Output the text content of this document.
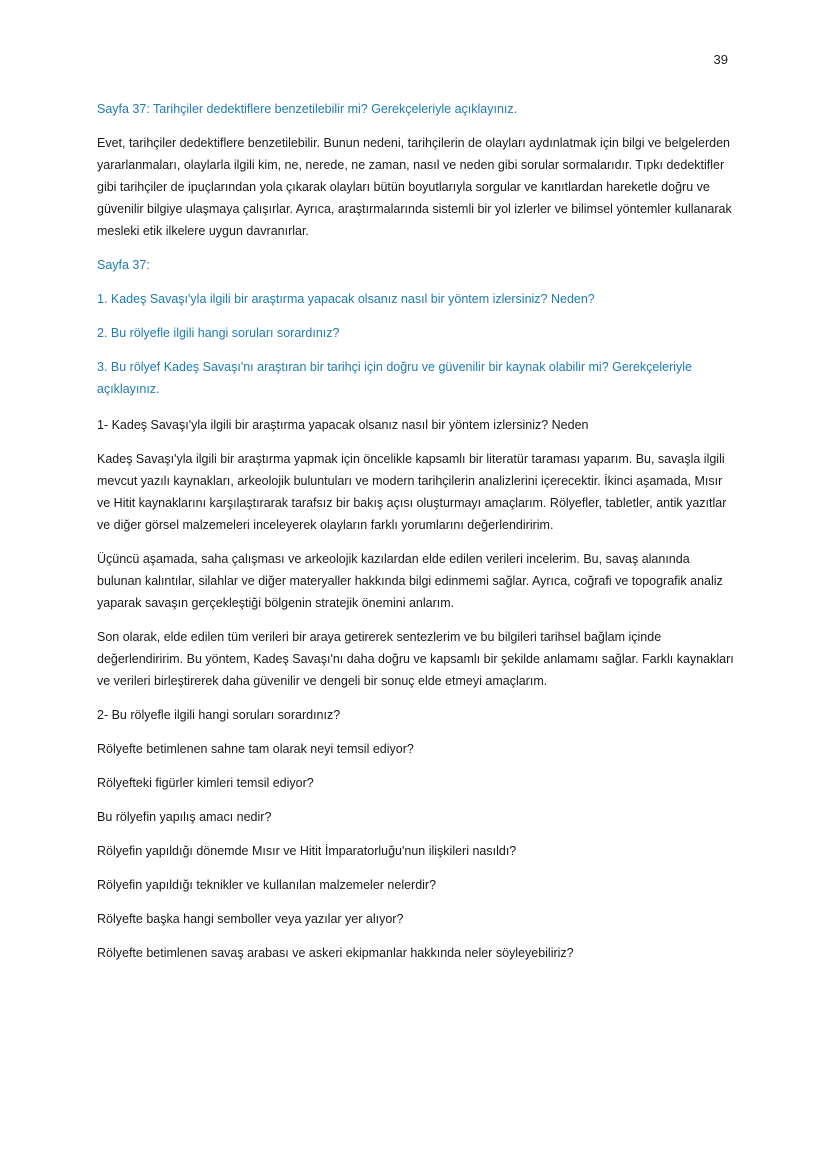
39

Sayfa 37: Tarihçiler dedektiflere benzetilebilir mi? Gerekçeleriyle açıklayınız.

Evet, tarihçiler dedektiflere benzetilebilir. Bunun nedeni, tarihçilerin de olayları aydınlatmak için bilgi ve belgelerden yararlanmaları, olaylarla ilgili kim, ne, nerede, ne zaman, nasıl ve neden gibi sorular sormalarıdır. Tıpkı dedektifler gibi tarihçiler de ipuçlarından yola çıkarak olayları bütün boyutlarıyla sorgular ve kanıtlardan hareketle doğru ve güvenilir bilgiye ulaşmaya çalışırlar. Ayrıca, araştırmalarında sistemli bir yol izlerler ve bilimsel yöntemler kullanarak mesleki etik ilkelere uygun davranırlar.

Sayfa 37:

1. Kadeş Savaşı'yla ilgili bir araştırma yapacak olsanız nasıl bir yöntem izlersiniz? Neden?

2. Bu rölyefle ilgili hangi soruları sorardınız?

3. Bu rölyef Kadeş Savaşı'nı araştıran bir tarihçi için doğru ve güvenilir bir kaynak olabilir mi? Gerekçeleriyle açıklayınız.

1- Kadeş Savaşı'yla ilgili bir araştırma yapacak olsanız nasıl bir yöntem izlersiniz? Neden

Kadeş Savaşı'yla ilgili bir araştırma yapmak için öncelikle kapsamlı bir literatür taraması yaparım. Bu, savaşla ilgili mevcut yazılı kaynakları, arkeolojik buluntuları ve modern tarihçilerin analizlerini içerecektir. İkinci aşamada, Mısır ve Hitit kaynaklarını karşılaştırarak tarafsız bir bakış açısı oluşturmayı amaçlarım. Rölyefler, tabletler, antik yazıtlar ve diğer görsel malzemeleri inceleyerek olayların farklı yorumlarını değerlendiririm.

Üçüncü aşamada, saha çalışması ve arkeolojik kazılardan elde edilen verileri incelerim. Bu, savaş alanında bulunan kalıntılar, silahlar ve diğer materyaller hakkında bilgi edinmemi sağlar. Ayrıca, coğrafi ve topografik analiz yaparak savaşın gerçekleştiği bölgenin stratejik önemini anlarım.

Son olarak, elde edilen tüm verileri bir araya getirerek sentezlerim ve bu bilgileri tarihsel bağlam içinde değerlendiririm. Bu yöntem, Kadeş Savaşı'nı daha doğru ve kapsamlı bir şekilde anlamamı sağlar. Farklı kaynakları ve verileri birleştirerek daha güvenilir ve dengeli bir sonuç elde etmeyi amaçlarım.

2- Bu rölyefle ilgili hangi soruları sorardınız?

Rölyefte betimlenen sahne tam olarak neyi temsil ediyor?

Rölyefteki figürler kimleri temsil ediyor?

Bu rölyefin yapılış amacı nedir?

Rölyefin yapıldığı dönemde Mısır ve Hitit İmparatorluğu'nun ilişkileri nasıldı?

Rölyefin yapıldığı teknikler ve kullanılan malzemeler nelerdir?

Rölyefte başka hangi semboller veya yazılar yer alıyor?

Rölyefte betimlenen savaş arabası ve askeri ekipmanlar hakkında neler söyleyebiliriz?
